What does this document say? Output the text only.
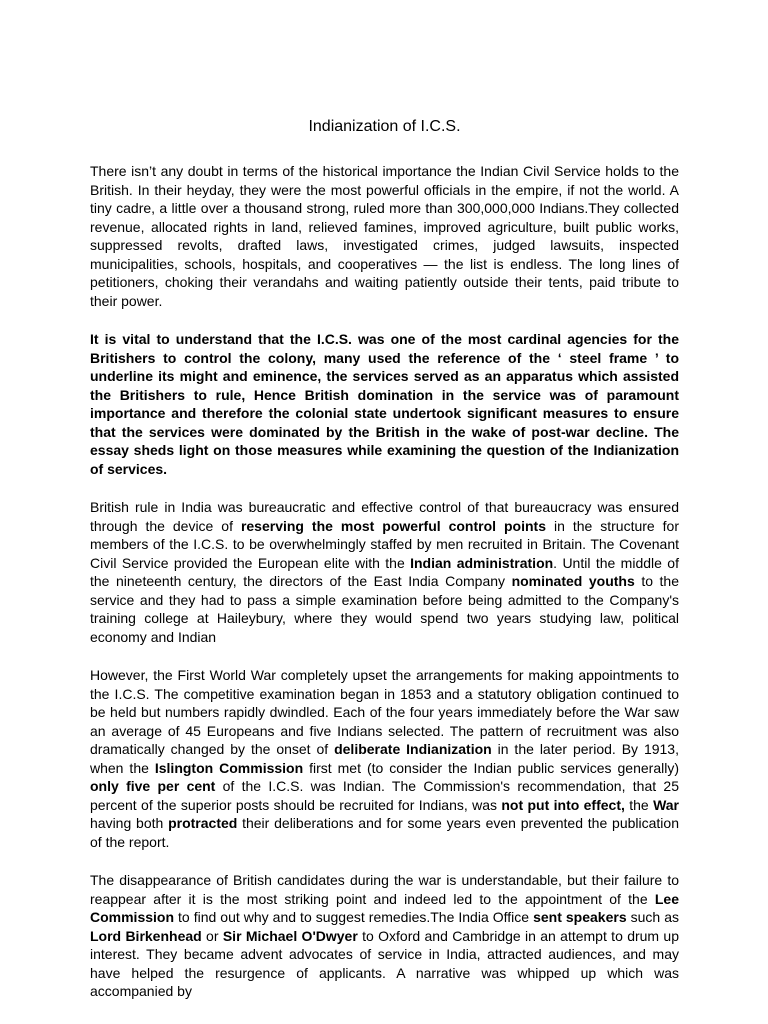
Indianization of I.C.S.

There isn’t any doubt in terms of the historical importance the Indian Civil Service holds to the British. In their heyday, they were the most powerful officials in the empire, if not the world. A tiny cadre, a little over a thousand strong, ruled more than 300,000,000 Indians.They collected revenue, allocated rights in land, relieved famines, improved agriculture, built public works, suppressed revolts, drafted laws, investigated crimes, judged lawsuits, inspected municipalities, schools, hospitals, and cooperatives — the list is endless. The long lines of petitioners, choking their verandahs and waiting patiently outside their tents, paid tribute to their power.

It is vital to understand that the I.C.S. was one of the most cardinal agencies for the Britishers to control the colony, many used the reference of the ‘ steel frame ’ to underline its might and eminence, the services served as an apparatus which assisted the Britishers to rule, Hence British domination in the service was of paramount importance and therefore the colonial state undertook significant measures to ensure that the services were dominated by the British in the wake of post-war decline. The essay sheds light on those measures while examining the question of the Indianization of services.

British rule in India was bureaucratic and effective control of that bureaucracy was ensured through the device of reserving the most powerful control points in the structure for members of the I.C.S. to be overwhelmingly staffed by men recruited in Britain. The Covenant Civil Service provided the European elite with the Indian administration. Until the middle of the nineteenth century, the directors of the East India Company nominated youths to the service and they had to pass a simple examination before being admitted to the Company's training college at Haileybury, where they would spend two years studying law, political economy and Indian

However, the First World War completely upset the arrangements for making appointments to the I.C.S. The competitive examination began in 1853 and a statutory obligation continued to be held but numbers rapidly dwindled. Each of the four years immediately before the War saw an average of 45 Europeans and five Indians selected. The pattern of recruitment was also dramatically changed by the onset of deliberate Indianization in the later period. By 1913, when the Islington Commission first met (to consider the Indian public services generally) only five per cent of the I.C.S. was Indian. The Commission's recommendation, that 25 percent of the superior posts should be recruited for Indians, was not put into effect, the War having both protracted their deliberations and for some years even prevented the publication of the report.

The disappearance of British candidates during the war is understandable, but their failure to reappear after it is the most striking point and indeed led to the appointment of the Lee Commission to find out why and to suggest remedies.The India Office sent speakers such as Lord Birkenhead or Sir Michael O'Dwyer to Oxford and Cambridge in an attempt to drum up interest. They became advent advocates of service in India, attracted audiences, and may have helped the resurgence of applicants. A narrative was whipped up which was accompanied by
